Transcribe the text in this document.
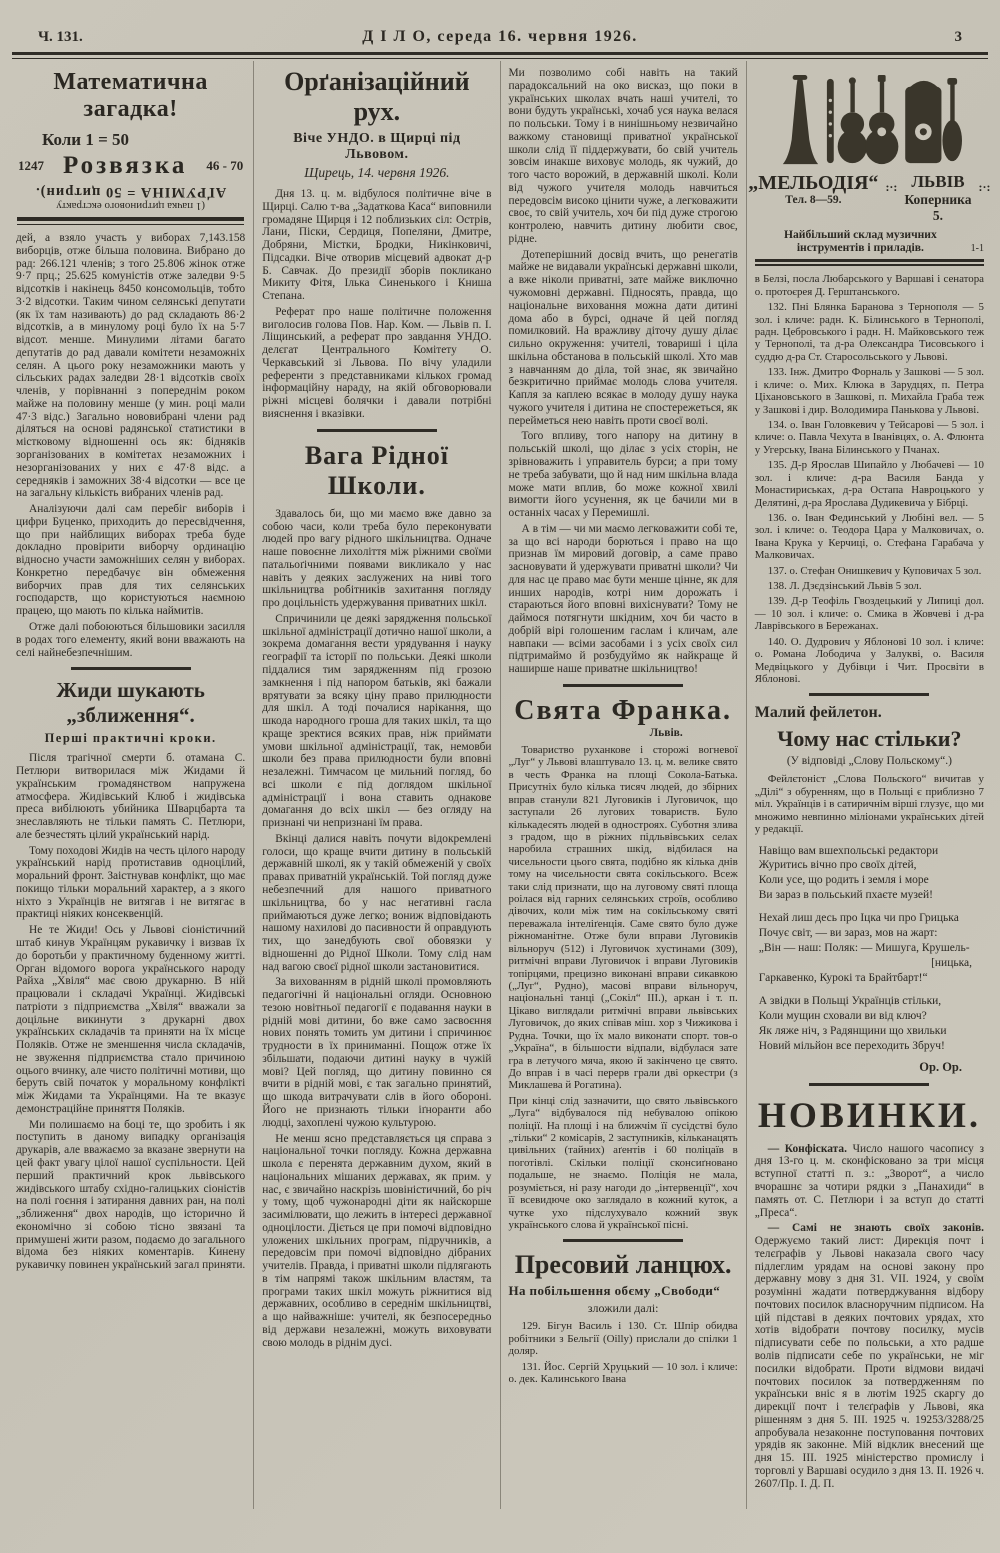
Ч. 131.	Д І Л О, середа 16. червня 1926.	3
Математична загадка!
Коли 1 = 50
1247 Розвязка 46 - 70
(1 пачка цитринового екстракту
АҐРУМІНА = 50 цитрин).

дей, а взяло участь у виборах 7,143.158 виборців, отже більша половина. Вибрано до рад: 266.121 членів; з того 25.806 жінок отже 9·7 прц.; 25.625 комуністів отже заледви 9·5 відсотків і накінець 8450 консомольців, тобто 3·2 відсотки. Таким чином селянські депутати (як їх там називають) до рад складають 86·2 відсотків, а в минулому році було їх на 5·7 відсот. менше. Минулими літами багато депутатів до рад давали комітети незаможніх селян. А цього року незаможники мають у сільських радах заледви 28·1 відсотків своїх членів, у порівнанні з попереднім роком майже на половину менше (у мин. році мали 47·3 відс.) Загально нововибрані члени рад діляться на основі радянської статистики в містковому відношенні ось як: бідняків зорганізованих в комітетах незаможних і незорганізованих у них є 47·8 відс. а середняків і заможних 38·4 відсотки — все це на загальну кількість вибраних членів рад.

Аналізуючи далі сам перебіг виборів і цифри Буценко, приходить до пересвідчення, що при найблищих виборах треба буде докладно провірити виборчу ординацію відносно участи заможніших селян у виборах. Конкретно передбачує він обмеження виборчих прав для тих селянських господарств, що користуються наємною працею, що мають по кілька наймитів.

Отже далі побоюються більшовики засилля в родах того елементу, який вони вважають на селі найнебезпечнішим.

Жиди шукають „зближення“.
Перші практичні кроки.

Після трагічної смерти б. отамана С. Петлюри витворилася між Жидами й українським громадянством напружена атмосфера. Жидівський Клюб і жидівська преса вибілюють убийника Шварцбарта та знеславляють не тільки память С. Петлюри, але безчестять цілий український нарід.

Тому походові Жидів на честь цілого народу український нарід протиставив одноцілий, моральний фронт. Заістнував конфлікт, що має покищо тільки моральний характер, а з якого ніхто з Українців не витягав і не витягає в практиці ніяких консеквенцій.

Не те Жиди! Ось у Львові сіоністичний штаб кинув Українцям рукавичку і визвав їх до боротьби у практичному буденному житті. Орган відомого ворога українського народу Райха „Хвіля“ має свою друкарню. В ній працювали і складачі Українці. Жидівські патріоти з підприємства „Хвіля“ вважали за доцільне викинути з друкарні двох українських складачів та приняти на їх місце Поляків. Отже не зменшення числа складачів, не звуження підприємства стало причиною оцього вчинку, але чисто політичні мотиви, що беруть свій початок у моральному конфлікті між Жидами та Українцями. На те вказує демонстраційне приняття Поляків.

Ми полишаємо на боці те, що зробить і як поступить в даному випадку організація друкарів, але вважаємо за вказане звернути на цей факт увагу цілої нашої суспільности. Цей перший практичний крок львівського жидівського штабу східно-галицьких сіоністів на полі гоєння і затирання давних ран, на полі „зближення“ двох народів, що історично й економічно зі собою тісно звязані та примушені жити разом, подаємо до загального відома без ніяких коментарів. Кинену рукавичку повинен український загал приняти.

Орґанізаційний рух.
Віче УНДО. в Щирці під Львовом.
Щирець, 14. червня 1926.

Дня 13. ц. м. відбулося політичне віче в Щирці. Салю т-ва „Задаткова Каса“ виповнили громадяне Щирця і 12 поблизьких сіл: Острів, Лани, Піски, Сердиця, Попеляни, Дмитре, Добряни, Містки, Бродки, Никінковичі, Підсадки. Віче отворив місцевий адвокат д-р Б. Савчак. До президії зборів покликано Микиту Фітя, Ілька Синенького і Книша Степана.

Реферат про наше політичне положення виголосив голова Пов. Нар. Ком. — Львів п. І. Ліщинський, а реферат про завдання УНДО. делєгат Центрального Комітету О. Черкавський зі Львова. По вічу уладили референти з представниками кількох громад інформаційну нараду, на якій обговорювали ріжні місцеві болячки і давали потрібні вияснення і вказівки.

Вага Рідної Школи.

Здавалось би, що ми маємо вже давно за собою часи, коли треба було переконувати людей про вагу рідного шкільництва. Одначе наше повоєнне лихоліття між ріжними своїми патальоґічними появами викликало у нас навіть у деяких заслужених на ниві того шкільництва робітників захитання погляду про доцільність удержування приватних шкіл.

Спричинили це деякі зарядження польської шкільної адміністрації дотично нашої школи, а зокрема домагання вести урядування і науку географії та історії по польськи. Деякі школи піддалися тим зарядженням під грозою замкнення і під напором батьків, які бажали врятувати за всяку ціну право прилюдности для шкіл. А тоді почалися нарікання, що шкода народного гроша для таких шкіл, та що краще зректися всяких прав, ніж приймати умови шкільної адміністрації, так, немовби школи без права прилюдности були вповні незалежні. Тимчасом це мильний погляд, бо всі школи є під доглядом шкільної адміністрації і вона ставить однакове домагання до всіх шкіл — без огляду на признані чи непризнані їм права.

Вкінці далися навіть почути відокремлені голоси, що краще вчити дитину в польській державній школі, як у такій обмеженій у своїх правах приватній українській. Той погляд дуже небезпечний для нашого приватного шкільництва, бо у нас негативні гасла приймаються дуже легко; вониж відповідають нашому нахилові до пасивности й оправдують тих, що занедбують свої обовязки у відношенні до Рідної Школи. Тому слід нам над вагою своєї рідної школи застановитися.

За вихованням в рідній школі промовляють педагогічні й національні огляди. Основною тезою новітньої педагогії є подавання науки в рідній мові дитини, бо вже само засвоєння нових понять томить ум дитини і спричинює трудности в їх приниманні. Пощож отже їх збільшати, подаючи дитині науку в чужій мові? Цей погляд, що дитину повинно ся вчити в рідній мові, є так загально принятий, що шкода витрачувати слів в його обороні. Його не признають тільки іґноранти або людці, захоплені чужою культурою.

Не менш ясно представляється ця справа з національної точки погляду. Кожна державна школа є перенята державним духом, який в національних мішаних державах, як прим. у нас, є звичайно наскрізь шовіністичний, бо річ у тому, щоб чужонародні діти як найскорше засимілювати, що лежить в інтересі державної одноцілости. Діється це при помочі відповідно уложених шкільних програм, підручників, а передовсім при помочі відповідно дібраних учителів. Правда, і приватні школи підлягають в тім напрямі також шкільним властям, та програми таких шкіл можуть ріжнитися від державних, особливо в середнім шкільництві, а що найважніше: учителі, як безпосередньо від держави незалежні, можуть виховувати свою молодь в ріднім дусі.

Ми позволимо собі навіть на такий парадоксальний на око висказ, що поки в українських школах вчать наші учителі, то вони будуть українські, хочаб уся наука велася по польськи. Тому і в нинішньому незвичайно важкому становищі приватної української школи слід її піддержувати, бо свій учитель зовсім инакше виховує молодь, як чужий, до того часто ворожий, в державній школі. Коли від чужого учителя молодь навчиться передовсім високо цінити чуже, а легковажити своє, то свій учитель, хоч би під дуже строгою контролею, навчить дитину любити своє, рідне.

Дотеперішний досвід вчить, що ренегатів майже не видавали українські державні школи, а вже ніколи приватні, зате майже виключно чужомовні державні. Підносять, правда, що національне виховання можна дати дитині дома або в бурсі, одначе й цей погляд помилковий. На вражливу діточу душу ділає сильно окруження: учителі, товариші і ціла шкільна обстанова в польській школі. Хто мав з навчанням до діла, той знає, як звичайно безкритично приймає молодь слова учителя. Капля за каплею всякає в молоду душу наука чужого учителя і дитина не спостережеться, як перейметься нею навіть проти своєї волі.

Того впливу, того напору на дитину в польській школі, що ділає з усіх сторін, не зрівноважить і управитель бурси; а при тому не треба забувати, що й над ним шкільна влада може мати вплив, бо може кожної хвилі вимогти його усунення, як це бачили ми в останніх часах у Перемишлі.

А в тім — чи ми маємо легковажити собі те, за що всі народи борються і право на що признав їм мировий договір, а саме право засновувати й удержувати приватні школи? Чи для нас це право має бути менше цінне, як для инших народів, котрі ним дорожать і стараються його вповні вихіснувати? Тому не даймося потягнути шкідним, хоч би часто в добрій вірі голошеним гаслам і кличам, але навпаки — всіми засобами і з усіх своїх сил підтримаймо й розбудуймо як найкраще й наширше наше приватне шкільництво!

Свята Франка.
Львів.

Товариство руханкове і сторожі вогневої „Луг“ у Львові влаштувало 13. ц. м. велике свято в честь Франка на площі Сокола-Батька. Присутніх було кілька тисяч людей, до збірних вправ станули 821 Луговиків і Луговичок, що заступали 26 лугових товариств. Було кількадесять людей в одностроях. Суботня злива з градом, що в ріжних підльвівських селах наробила страшних шкід, відбилася на чисельности цього свята, подібно як кілька днів тому на чисельности свята сокільського. Всеж таки слід признати, що на луговому святі площа роілася від гарних селянських строїв, особливо дівочих, коли між тим на сокільському святі переважала інтеліґенція. Саме свято було дуже ріжноманітне. Отже були вправи Луговиків вільноруч (512) і Луговичок хустинами (309), ритмічні вправи Луговичок і вправи Луговиків топірцями, прецизно виконані вправи сикавкою („Луг“, Рудно), масові вправи вільноруч, національні танці („Сокіл“ III.), аркан і т. п. Цікаво виглядали ритмічні вправи львівських Луговичок, до яких співав міш. хор з Чижикова і Рудна. Точки, що їх мало виконати спорт. тов-о „Україна“, в більшости відпали, відбулася зате гра в летучого мяча, якою й закінчено це свято. До вправ і в часі перерв грали дві оркестри (з Миклашева й Рогатина).

При кінці слід зазначити, що свято львівського „Луга“ відбувалося під небувалою опікою поліції. На площі і на ближчім її сусідстві було „тільки“ 2 комісарів, 2 заступників, кільканацять цивільних (тайних) аґентів і 60 поліцаїв в поготівлі. Скільки поліції сконсиґновано подальше, не знаємо. Поліція не мала, розуміється, ні разу нагоди до „інтервенції“, хоч її всевидюче око заглядало в кожний куток, а чутке ухо підслухувало кожний звук українського слова й української пісні.

Пресовий ланцюх.
На побільшення обєму „Свободи“
зложили далі:

129. Бігун Василь і 130. Ст. Шпір обидва робітники з Бельгії (Оіllу) прислали до спілки 1 доляр.

131. Йос. Сергій Хруцький — 10 зол. і кличе: о. дек. Калинського Івана

„МЕЛЬОДІЯ“
Тел. 8—59.
:·: ЛЬВІВ
Коперника 5.
:·:
Найбільший склад музичних інструментів і приладів.	1-1

в Белзі, посла Любарського у Варшаві і сенатора о. протоєрея Д. Герштанського.

132. Пні Блянка Баранова з Тернополя — 5 зол. і кличе: радн. К. Білинського в Тернополі, радн. Цебровського і радн. Н. Майковського теж у Тернополі, та д-ра Олександра Тисовського і суддю д-ра Ст. Старосольського у Львові.

133. Інж. Дмитро Форналь у Зашкові — 5 зол. і кличе: о. Мих. Клюка в Зарудцях, п. Петра Ціхановського в Зашкові, п. Михайла Граба теж у Зашкові і дир. Володимира Панькова у Львові.

134. о. Іван Головкевич у Тейсарові — 5 зол. і кличе: о. Павла Чехута в Іванівцях, о. А. Флюнта у Угерську, Івана Білинського у Пчанах.

135. Д-р Ярослав Шипайло у Любачеві — 10 зол. і кличе: д-ра Василя Банда у Монастириськах, д-ра Остапа Навроцького у Делятині, д-ра Ярослава Дудикевича у Бібрці.

136. о. Іван Фединський у Любіні вел. — 5 зол. і кличе: о. Теодора Цара у Малковичах, о. Івана Крука у Керчиці, о. Стефана Гарабача у Малковичах.

137. о. Стефан Онишкевич у Куповичах 5 зол.

138. Л. Дзєдзінський Львів 5 зол.

139. Д-р Теофіль Гвоздецький у Липиці дол. — 10 зол. і кличе: о. Смика в Жовчеві і д-ра Лаврівського в Бережанах.

140. О. Дудрович у Яблонові 10 зол. і кличе: о. Романа Лободича у Залукві, о. Василя Медвіцького у Дубівци і Чит. Просвіти в Яблонові.

Малий фейлетон.
Чому нас стільки?
(У відповіді „Слову Польскому“.)

Фейлєтоніст „Слова Польского“ вичитав у „Ділі“ з обуренням, що в Польщі є приблизно 7 міл. Українців і в сатиричнім вірші глузує, що ми множимо невпинно міліонами українських дітей у редакції.

Навіщо вам вшехпольські редактори
Журитись вічно про своїх дітей,
Коли усе, що родить і земля і море
Ви зараз в польський пхаєте музей!
Нехай лиш десь про Іцка чи про Грицька
Почує світ, — ви зараз, мов на жарт:
„Він — наш: Поляк: — Мишуга, Крушель-
[ницька,
Гаркавенко, Курокі та Брайтбарт!“
А звідки в Польщі Українців стільки,
Коли мущин сховали ви від ключ?
Як ляже ніч, з Радянщини що хвильки
Новий мільйон все переходить Збруч!
Ор. Ор.
НОВИНКИ.

— Конфіската. Число нашого часопису з дня 13-го ц. м. сконфісковано за три місця вступної статті п. з.: „Зворот“, а число вчорашнє за чотири рядки з „Панахиди“ в память от. С. Петлюри і за вступ до статті „Преса“.

— Самі не знають своїх законів. Одержуємо такий лист: Дирекція почт і телєґрафів у Львові наказала свого часу підлеглим урядам на основі закону про державну мову з дня 31. VII. 1924, у своїм розумінні жадати потверджування відбору почтових посилок власноручним підписом. На цій підставі в деяких почтових урядах, хто хотів відобрати почтову посилку, мусів підписувати себе по польськи, а хто радше волів підписати себе по українськи, не міг посилки відобрати. Проти відмови видачі почтових посилок за потвердженням по українськи вніс я в лютім 1925 скаргу до дирекції почт і телєґрафів у Львові, яка рішенням з дня 5. ІІІ. 1925 ч. 19253/3288/25 апробувала незаконне поступовання почтових урядів як законне. Мій відклик внесений ще дня 15. ІІІ. 1925 міністерство промислу і торговлі у Варшаві осудило з дня 13. ІІ. 1926 ч. 2607/Пр. І. Д. П.
